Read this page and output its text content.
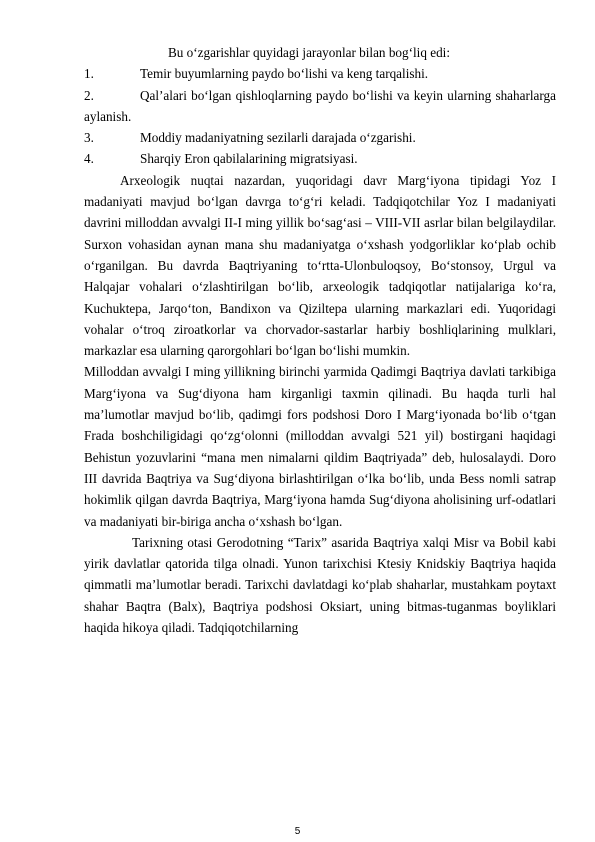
Bu o‘zgarishlar quyidagi jarayonlar bilan bog‘liq edi:

1.	Temir buyumlarning paydo bo‘lishi va keng tarqalishi.
2.	Qal’alari bo‘lgan qishloqlarning paydo bo‘lishi va keyin ularning shaharlarga aylanish.
3.	Moddiy madaniyatning sezilarli darajada o‘zgarishi.
4.	Sharqiy Eron qabilalarining migratsiyasi.

Arxeologik nuqtai nazardan, yuqoridagi davr Marg‘iyona tipidagi Yoz I madaniyati mavjud bo‘lgan davrga to‘g‘ri keladi. Tadqiqotchilar Yoz I madaniyati davrini milloddan avvalgi II-I ming yillik bo‘sag‘asi – VIII-VII asrlar bilan belgilaydilar. Surxon vohasidan aynan mana shu madaniyatga o‘xshash yodgorliklar ko‘plab ochib o‘rganilgan. Bu davrda Baqtriyaning to‘rtta-Ulonbuloqsoy, Bo‘stonsoy, Urgul va Halqajar vohalari o‘zlashtirilgan bo‘lib, arxeologik tadqiqotlar natijalariga ko‘ra, Kuchuktepa, Jarqo‘ton, Bandixon va Qiziltepa ularning markazlari edi. Yuqoridagi vohalar o‘troq ziroatkorlar va chorvador-sastarlar harbiy boshliqlarining mulklari, markazlar esa ularning qarorgohlari bo‘lgan bo‘lishi mumkin.

Milloddan avvalgi I ming yillikning birinchi yarmida Qadimgi Baqtriya davlati tarkibiga Marg‘iyona va Sug‘diyona ham kirganligi taxmin qilinadi. Bu haqda turli hal ma’lumotlar mavjud bo‘lib, qadimgi fors podshosi Doro I Marg‘iyonada bo‘lib o‘tgan Frada boshchiligidagi qo‘zg‘olonni (milloddan avvalgi 521 yil) bostirgani haqidagi Behistun yozuvlarini “mana men nimalarni qildim Baqtriyada” deb, hulosalaydi. Doro III davrida Baqtriya va Sug‘diyona birlashtirilgan o‘lka bo‘lib, unda Bess nomli satrap hokimlik qilgan davrda Baqtriya, Marg‘iyona hamda Sug‘diyona aholisining urf-odatlari va madaniyati bir-biriga ancha o‘xshash bo‘lgan.

Tarixning otasi Gerodotning “Tarix” asarida Baqtriya xalqi Misr va Bobil kabi yirik davlatlar qatorida tilga olnadi. Yunon tarixchisi Ktesiy Knidskiy Baqtriya haqida qimmatli ma’lumotlar beradi. Tarixchi davlatdagi ko‘plab shaharlar, mustahkam poytaxt shahar Baqtra (Balx), Baqtriya podshosi Oksiart, uning bitmas-tuganmas boyliklari haqida hikoya qiladi. Tadqiqotchilarning

5
